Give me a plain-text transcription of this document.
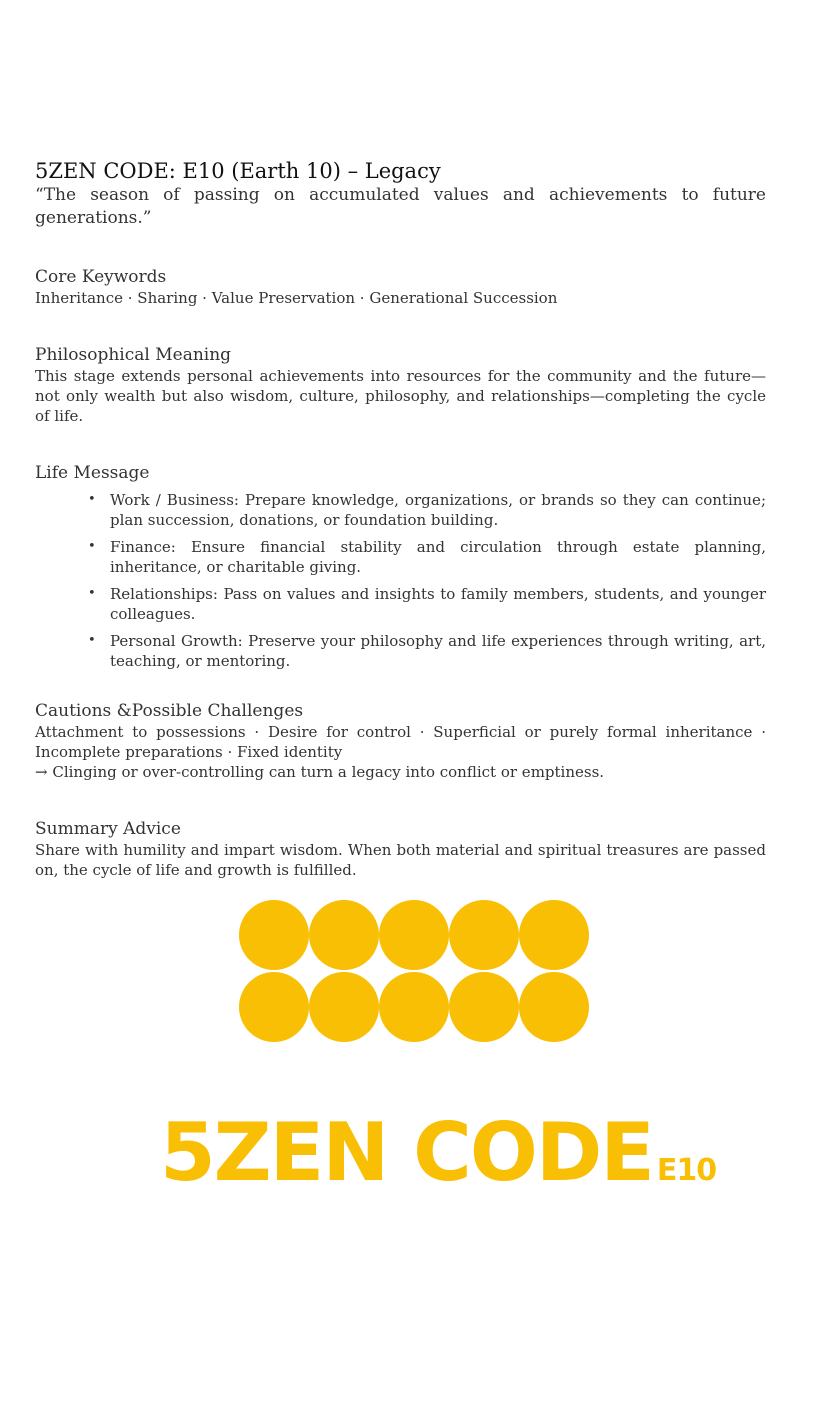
5ZEN CODE: E10 (Earth 10) – Legacy

“The season of passing on accumulated values and achievements to future generations.”

Core Keywords

Inheritance · Sharing · Value Preservation · Generational Succession

Philosophical Meaning

This stage extends personal achievements into resources for the community and the future—not only wealth but also wisdom, culture, philosophy, and relationships—completing the cycle of life.

Life Message
• Work / Business: Prepare knowledge, organizations, or brands so they can continue; plan succession, donations, or foundation building.
• Finance: Ensure financial stability and circulation through estate planning, inheritance, or charitable giving.
• Relationships: Pass on values and insights to family members, students, and younger colleagues.
• Personal Growth: Preserve your philosophy and life experiences through writing, art, teaching, or mentoring.
Cautions &Possible Challenges

Attachment to possessions · Desire for control · Superficial or purely formal inheritance · Incomplete preparations · Fixed identity

→ Clinging or over-controlling can turn a legacy into conflict or emptiness.

Summary Advice

Share with humility and impart wisdom. When both material and spiritual treasures are passed on, the cycle of life and growth is fulfilled.

5ZEN CODE E10
